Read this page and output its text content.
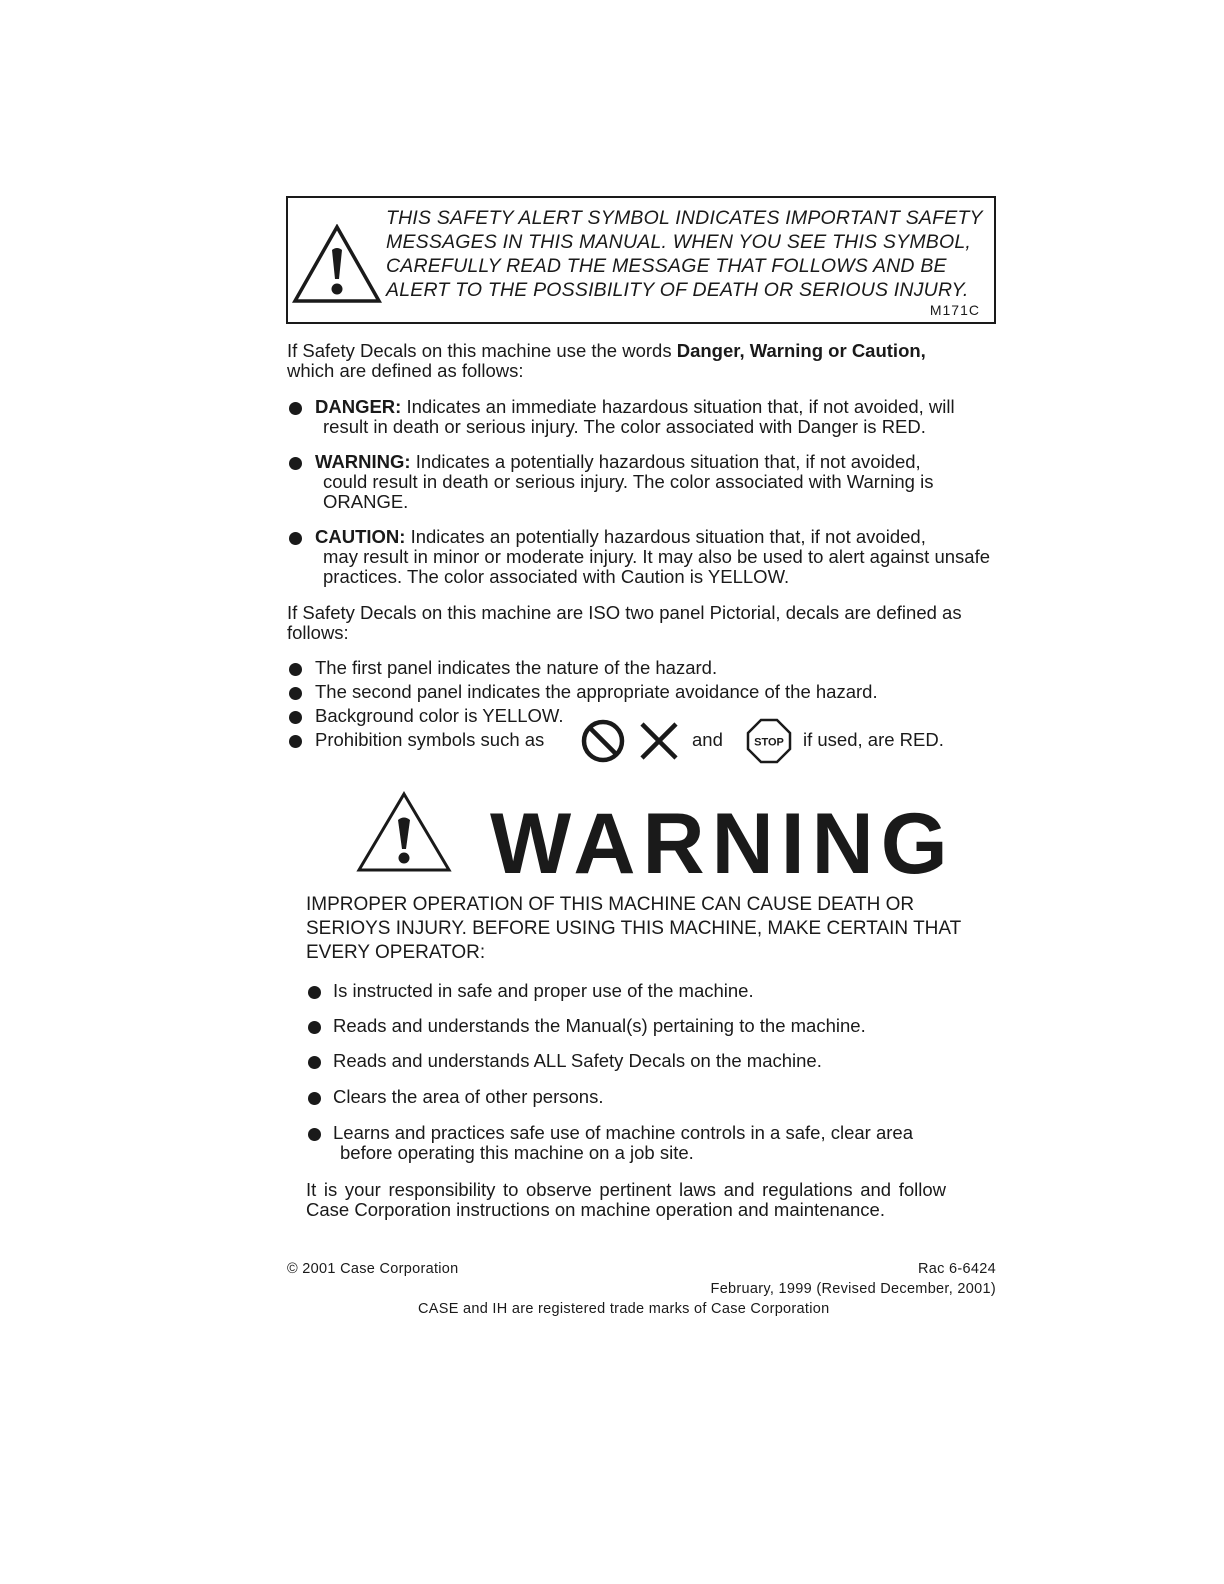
THIS SAFETY ALERT SYMBOL INDICATES IMPORTANT SAFETY
MESSAGES IN THIS MANUAL. WHEN YOU SEE THIS SYMBOL,
CAREFULLY READ THE MESSAGE THAT FOLLOWS AND BE
ALERT TO THE POSSIBILITY OF DEATH OR SERIOUS INJURY.
M171C
If Safety Decals on this machine use the words Danger, Warning or Caution,
which are defined as follows:
DANGER: Indicates an immediate hazardous situation that, if not avoided, will
result in death or serious injury. The color associated with Danger is RED.
WARNING: Indicates a potentially hazardous situation that, if not avoided,
could result in death or serious injury. The color associated with Warning is ORANGE.
CAUTION: Indicates an potentially hazardous situation that, if not avoided,
may result in minor or moderate injury. It may also be used to alert against unsafe practices. The color associated with Caution is YELLOW.
If Safety Decals on this machine are ISO two panel Pictorial, decals are defined as follows:
The first panel indicates the nature of the hazard.
The second panel indicates the appropriate avoidance of the hazard.
Background color is YELLOW.
Prohibition symbols such as	and	STOP if used, are RED.
WARNING
IMPROPER OPERATION OF THIS MACHINE CAN CAUSE DEATH OR
SERIOYS INJURY. BEFORE USING THIS MACHINE, MAKE CERTAIN THAT
EVERY OPERATOR:
Is instructed in safe and proper use of the machine.
Reads and understands the Manual(s) pertaining to the machine.
Reads and understands ALL Safety Decals on the machine.
Clears the area of other persons.
Learns and practices safe use of machine controls in a safe, clear area
before operating this machine on a job site.
It is your responsibility to observe pertinent laws and regulations and follow Case Corporation instructions on machine operation and maintenance.
© 2001 Case Corporation	Rac 6-6424
February, 1999 (Revised December, 2001)
CASE and IH are registered trade marks of Case Corporation
